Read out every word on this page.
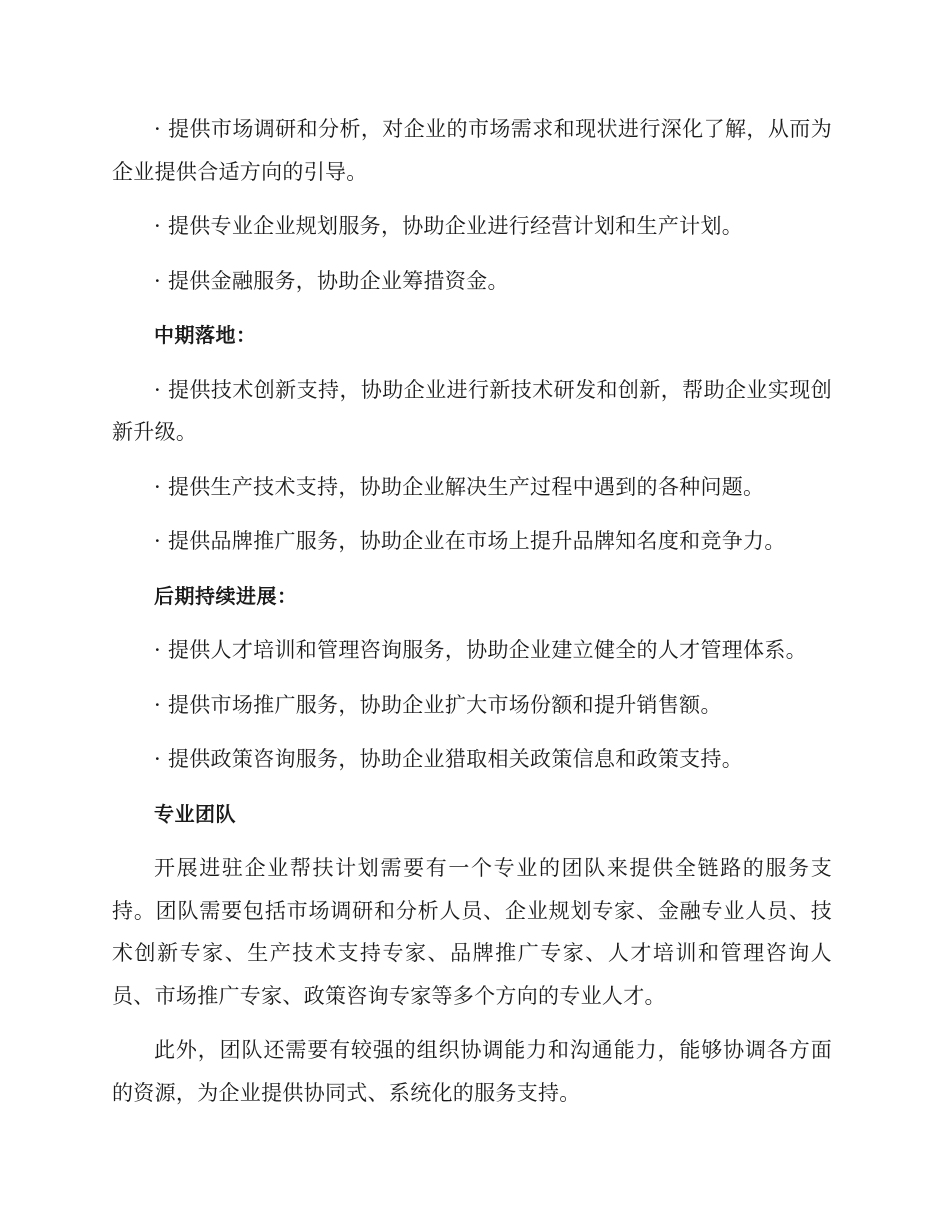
· 提供市场调研和分析，对企业的市场需求和现状进行深化了解，从而为企业提供合适方向的引导。

· 提供专业企业规划服务，协助企业进行经营计划和生产计划。

· 提供金融服务，协助企业筹措资金。

中期落地：

· 提供技术创新支持，协助企业进行新技术研发和创新，帮助企业实现创新升级。

· 提供生产技术支持，协助企业解决生产过程中遇到的各种问题。

· 提供品牌推广服务，协助企业在市场上提升品牌知名度和竞争力。

后期持续进展：

· 提供人才培训和管理咨询服务，协助企业建立健全的人才管理体系。

· 提供市场推广服务，协助企业扩大市场份额和提升销售额。

· 提供政策咨询服务，协助企业猎取相关政策信息和政策支持。

专业团队

开展进驻企业帮扶计划需要有一个专业的团队来提供全链路的服务支持。团队需要包括市场调研和分析人员、企业规划专家、金融专业人员、技术创新专家、生产技术支持专家、品牌推广专家、人才培训和管理咨询人员、市场推广专家、政策咨询专家等多个方向的专业人才。

此外，团队还需要有较强的组织协调能力和沟通能力，能够协调各方面的资源，为企业提供协同式、系统化的服务支持。
